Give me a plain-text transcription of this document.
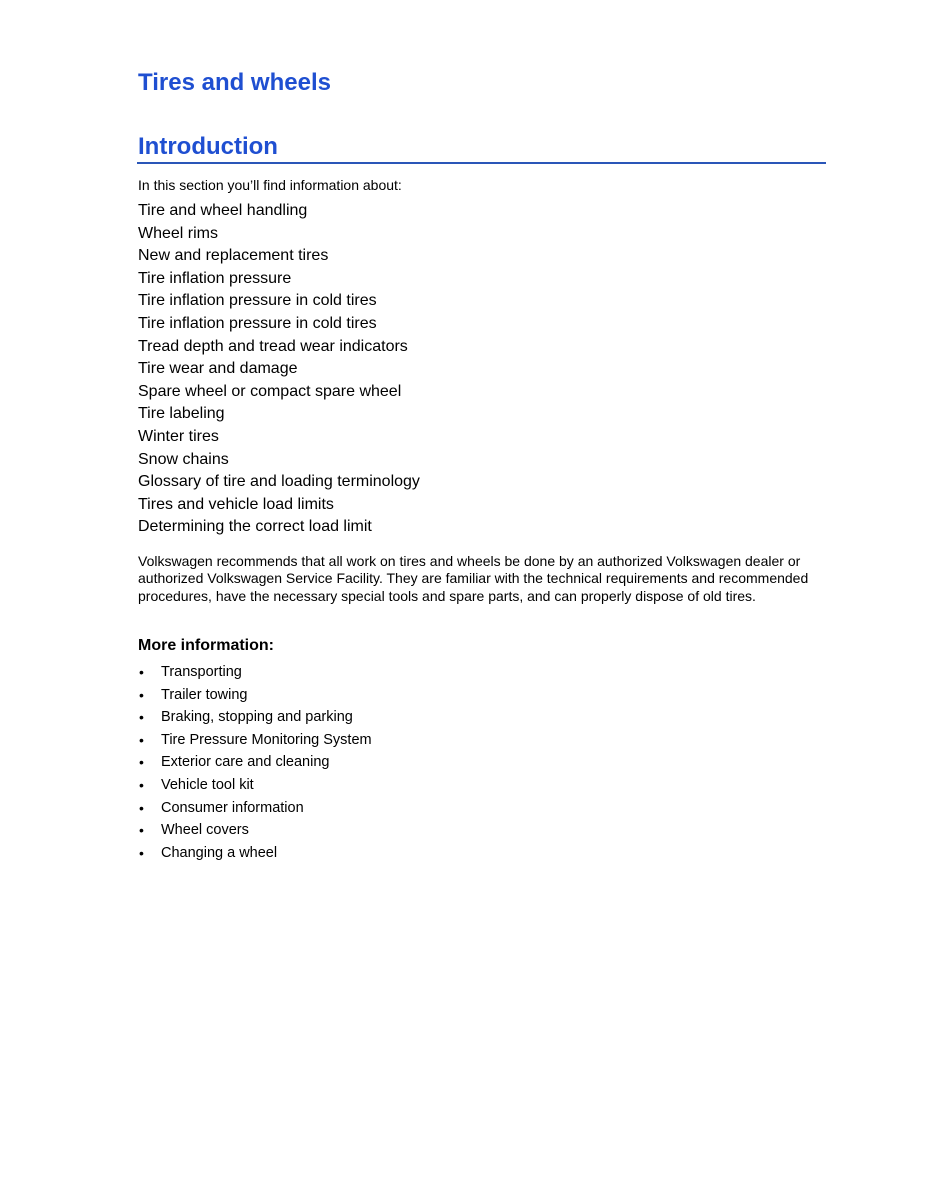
Tires and wheels
Introduction

In this section you’ll find information about:

Tire and wheel handling
Wheel rims
New and replacement tires
Tire inflation pressure
Tire inflation pressure in cold tires
Tire inflation pressure in cold tires
Tread depth and tread wear indicators
Tire wear and damage
Spare wheel or compact spare wheel
Tire labeling
Winter tires
Snow chains
Glossary of tire and loading terminology
Tires and vehicle load limits
Determining the correct load limit

Volkswagen recommends that all work on tires and wheels be done by an authorized Volkswagen dealer or authorized Volkswagen Service Facility. They are familiar with the technical requirements and recommended procedures, have the necessary special tools and spare parts, and can properly dispose of old tires.

More information:
• Transporting
• Trailer towing
• Braking, stopping and parking
• Tire Pressure Monitoring System
• Exterior care and cleaning
• Vehicle tool kit
• Consumer information
• Wheel covers
• Changing a wheel
